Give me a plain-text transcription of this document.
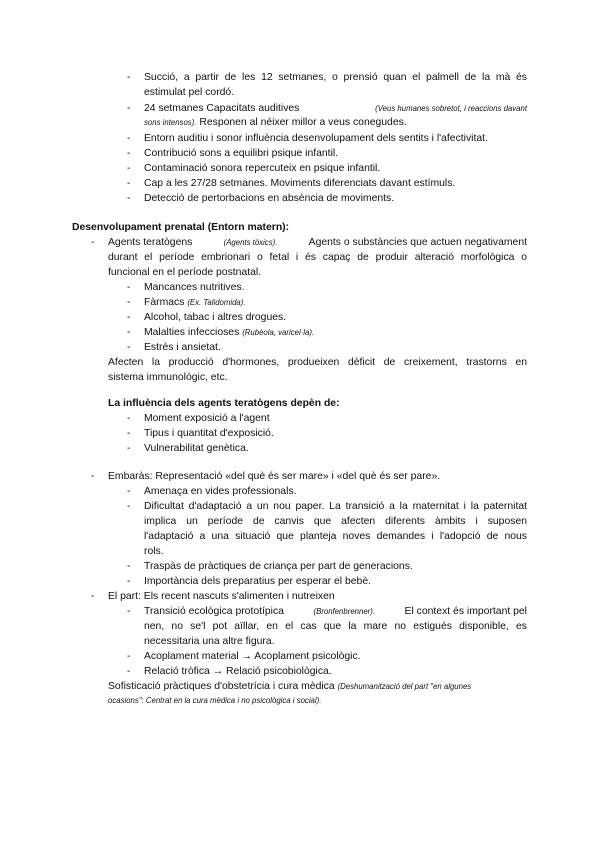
- Succió, a partir de les 12 setmanes, o prensió quan el palmell de la mà és
estimulat pel cordó.
- 24 setmanes Capacitats auditives	(Veus humanes sobretot, i reaccions davant
sons intensos). Responen al néixer millor a veus conegudes.
- Entorn auditiu i sonor influència desenvolupament dels sentits i l'afectivitat.
- Contribució sons a equilibri psique infantil.
- Contaminació sonora repercuteix en psique infantil.
- Cap a les 27/28 setmanes. Moviments diferenciats davant estímuls.
- Detecció de pertorbacions en absència de moviments.
Desenvolupament prenatal (Entorn matern):
- Agents teratògens	(Agents tòxics).	Agents o substàncies que actuen negativament
durant el període embrionari o fetal i és capaç de produir alteració morfològica o
funcional en el període postnatal.
- Mancances nutritives.
- Fàrmacs (Ex. Talidomida).
- Alcohol, tabac i altres drogues.
- Malalties infeccioses (Rubèola, varicel·la).
- Estrès i ansietat.
Afecten la producció d'hormones, produeixen dèficit de creixement, trastorns en
sistema immunològic, etc.
La influència dels agents teratògens depèn de:
- Moment exposició a l'agent
- Tipus i quantitat d'exposició.
- Vulnerabilitat genètica.
- Embaràs: Representació «del què és ser mare» i «del què és ser pare».
- Amenaça en vides professionals.
- Dificultat d'adaptació a un nou paper. La transició a la maternitat i la paternitat
implica un període de canvis que afecten diferents àmbits i suposen
l'adaptació a una situació que planteja noves demandes i l'adopció de nous
rols.
- Traspàs de pràctiques de criança per part de generacions.
- Importància dels preparatius per esperar el bebè.
- El part: Els recent nascuts s'alimenten i nutreixen
- Transició ecològica prototípica	(Bronfenbrenner).	El context és important pel
nen, no se'l pot aïllar, en el cas que la mare no estigués disponible, es
necessitaria una altre figura.
- Acoplament material → Acoplament psicològic.
- Relació tròfica → Relació psicobiològica.
Sofisticació pràctiques d'obstetrícia i cura mèdica (Deshumanització del part "en algunes
ocasions": Centrat en la cura mèdica i no psicològica i social).
